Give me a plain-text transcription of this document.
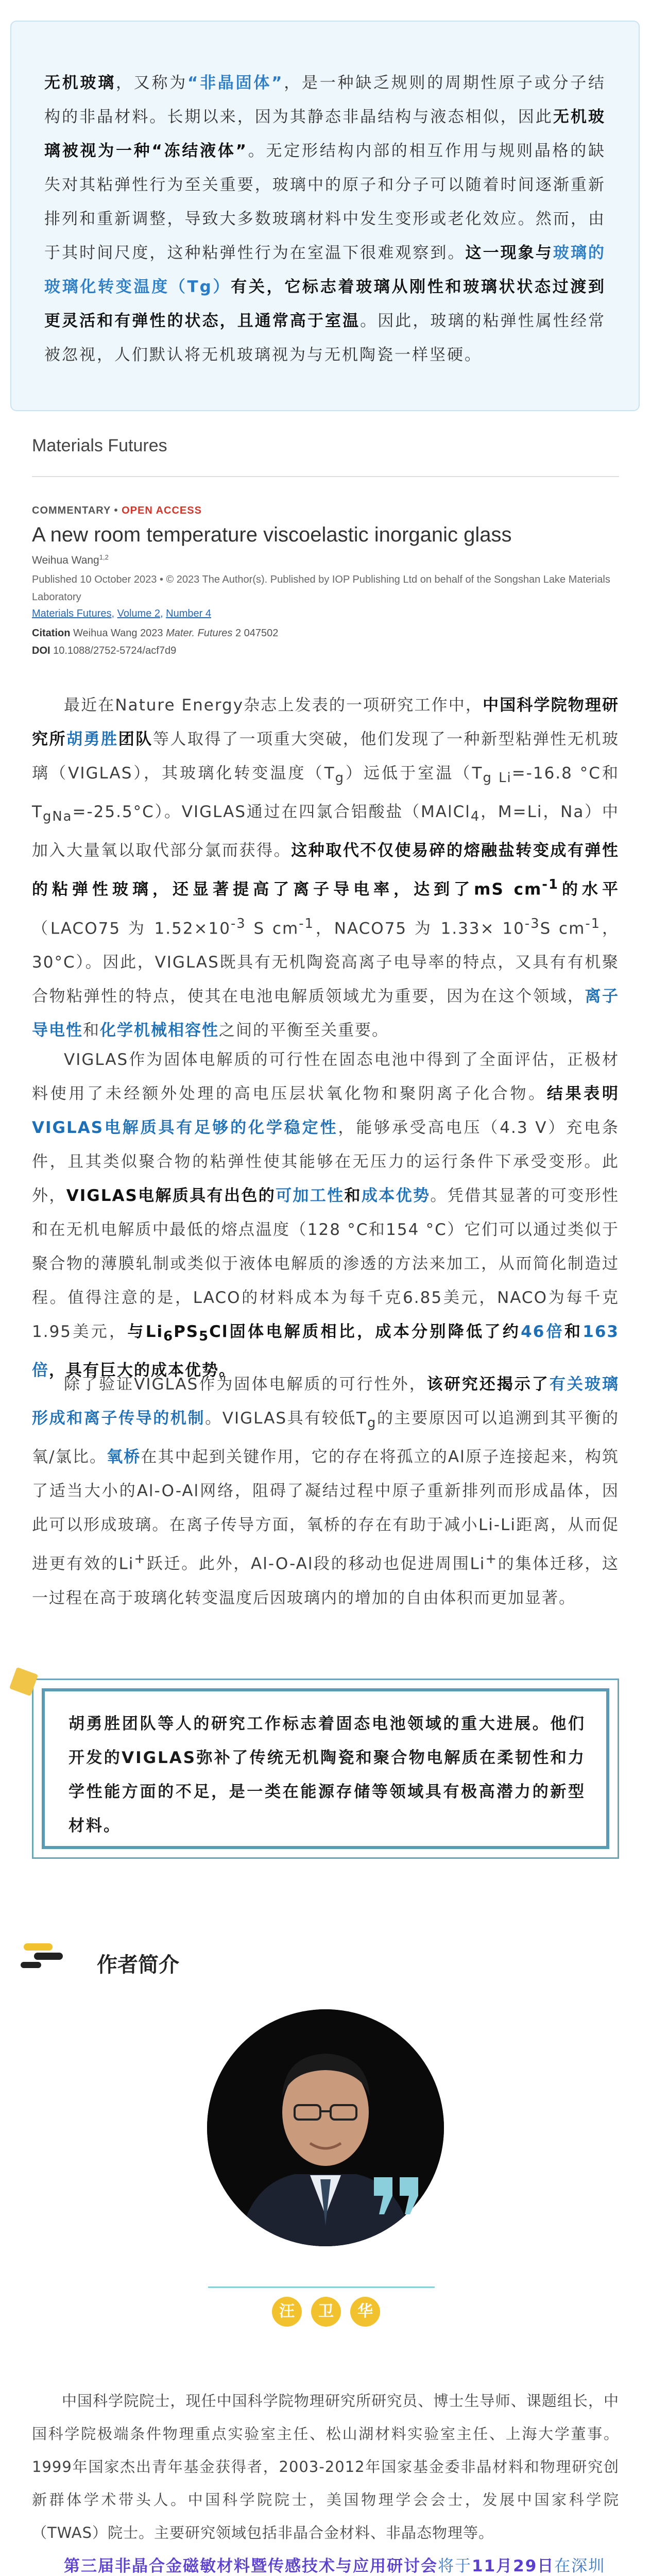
无机玻璃，又称为“非晶固体”，是一种缺乏规则的周期性原子或分子结构的非晶材料。长期以来，因为其静态非晶结构与液态相似，因此无机玻璃被视为一种“冻结液体”。无定形结构内部的相互作用与规则晶格的缺失对其粘弹性行为至关重要，玻璃中的原子和分子可以随着时间逐渐重新排列和重新调整，导致大多数玻璃材料中发生变形或老化效应。然而，由于其时间尺度，这种粘弹性行为在室温下很难观察到。这一现象与玻璃的玻璃化转变温度（Tg）有关，它标志着玻璃从刚性和玻璃状状态过渡到更灵活和有弹性的状态，且通常高于室温。因此，玻璃的粘弹性属性经常被忽视，人们默认将无机玻璃视为与无机陶瓷一样坚硬。
Materials Futures
COMMENTARY • OPEN ACCESS
A new room temperature viscoelastic inorganic glass
Weihua Wang$^{1,2}$
Published 10 October 2023 • © 2023 The Author(s). Published by IOP Publishing Ltd on behalf of the Songshan Lake Materials Laboratory
Materials Futures, Volume 2, Number 4
Citation Weihua Wang 2023 Mater. Futures 2 047502
DOI 10.1088/2752-5724/acf7d9
最近在Nature Energy杂志上发表的一项研究工作中，中国科学院物理研究所胡勇胜团队等人取得了一项重大突破，他们发现了一种新型粘弹性无机玻璃（VIGLAS），其玻璃化转变温度$(T_g)$远低于室温（$T_{g Li}=-16.8$ °C和$T_{gNa}=-25.5^\circ C$）。VIGLAS通过在四氯合铝酸盐（MAlCl$_4$，M=Li，Na）中加入大量氧以取代部分氯而获得。这种取代不仅使易碎的熔融盐转变成有弹性的粘弹性玻璃，还显著提高了离子导电率，达到了mS $cm^{-1}$的水平（LACO75 为 $1.52\times 10^{-3}$ S $cm^{-1}$，NACO75 为 $1.33\times 10^{-3}S$ $cm^{-1}$，30°C）。因此，VIGLAS既具有无机陶瓷高离子电导率的特点，又具有有机聚合物粘弹性的特点，使其在电池电解质领域尤为重要，因为在这个领域，离子导电性和化学机械相容性之间的平衡至关重要。
VIGLAS作为固体电解质的可行性在固态电池中得到了全面评估，正极材料使用了未经额外处理的高电压层状氧化物和聚阴离子化合物。结果表明VIGLAS电解质具有足够的化学稳定性，能够承受高电压（4.3 V）充电条件，且其类似聚合物的粘弹性使其能够在无压力的运行条件下承受变形。此外，VIGLAS电解质具有出色的可加工性和成本优势。凭借其显著的可变形性和在无机电解质中最低的熔点温度（128 °C和154 °C）它们可以通过类似于聚合物的薄膜轧制或类似于液体电解质的渗透的方法来加工，从而简化制造过程。值得注意的是，LACO的材料成本为每千克6.85美元，NACO为每千克1.95美元，与$Li_6PS_5Cl$固体电解质相比，成本分别降低了约46倍和163倍，具有巨大的成本优势。
除了验证VIGLAS作为固体电解质的可行性外，该研究还揭示了有关玻璃形成和离子传导的机制。VIGLAS具有较低$T_g$的主要原因可以追溯到其平衡的氧/氯比。氧桥在其中起到关键作用，它的存在将孤立的Al原子连接起来，构筑了适当大小的Al-O-Al网络，阻碍了凝结过程中原子重新排列而形成晶体，因此可以形成玻璃。在离子传导方面，氧桥的存在有助于减小Li-Li距离，从而促进更有效的Li+跃迁。此外，Al-O-Al段的移动也促进周围Li+的集体迁移，这一过程在高于玻璃化转变温度后因玻璃内的增加的自由体积而更加显著。
胡勇胜团队等人的研究工作标志着固态电池领域的重大进展。他们开发的VIGLAS弥补了传统无机陶瓷和聚合物电解质在柔韧性和力学性能方面的不足，是一类在能源存储等领域具有极高潜力的新型材料。
作者简介
汪 卫 华
中国科学院院士，现任中国科学院物理研究所研究员、博士生导师、课题组长，中国科学院极端条件物理重点实验室主任、松山湖材料实验室主任、上海大学董事。1999年国家杰出青年基金获得者，2003-2012年国家基金委非晶材料和物理研究创新群体学术带头人。中国科学院院士，美国物理学会会士，发展中国家科学院（TWAS）院士。主要研究领域包括非晶合金材料、非晶态物理等。
第三届非晶合金磁敏材料暨传感技术与应用研讨会将于11月29日在深圳
